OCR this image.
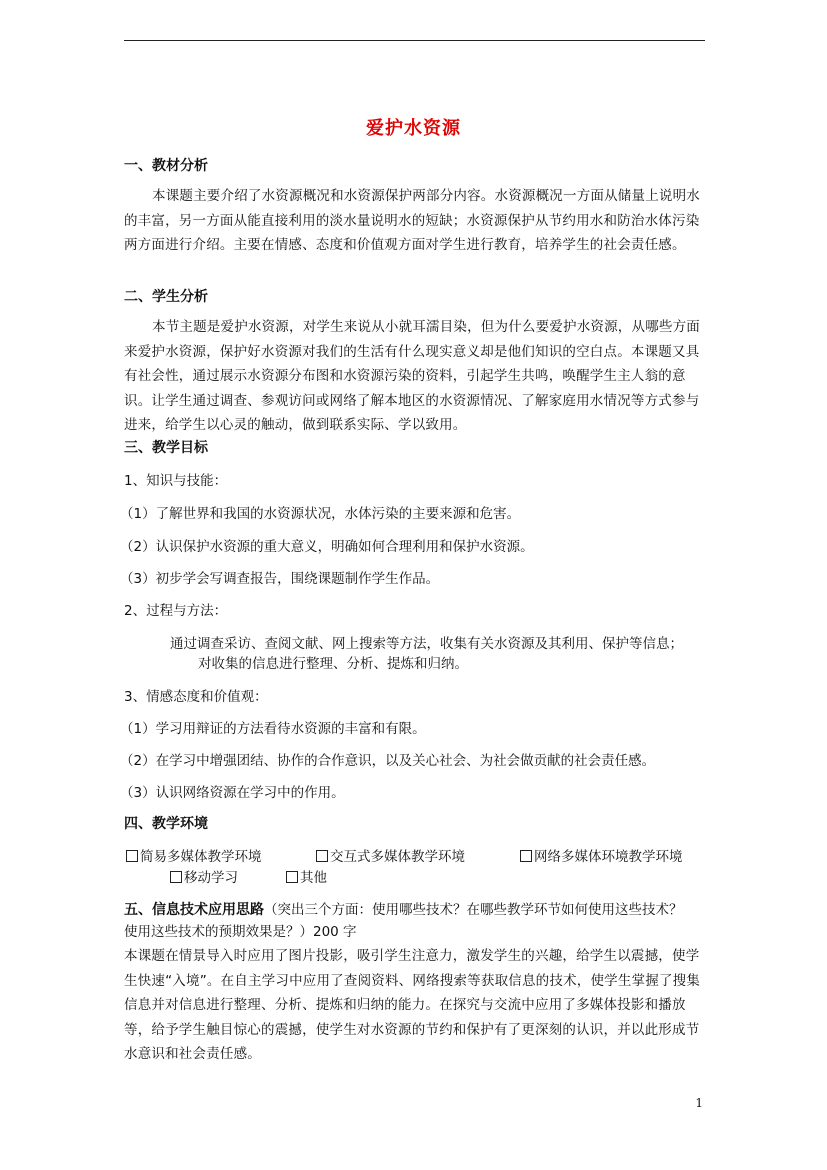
爱护水资源
一、教材分析
本课题主要介绍了水资源概况和水资源保护两部分内容。水资源概况一方面从储量上说明水的丰富，另一方面从能直接利用的淡水量说明水的短缺；水资源保护从节约用水和防治水体污染两方面进行介绍。主要在情感、态度和价值观方面对学生进行教育，培养学生的社会责任感。
二、学生分析
本节主题是爱护水资源，对学生来说从小就耳濡目染，但为什么要爱护水资源，从哪些方面来爱护水资源，保护好水资源对我们的生活有什么现实意义却是他们知识的空白点。本课题又具有社会性，通过展示水资源分布图和水资源污染的资料，引起学生共鸣，唤醒学生主人翁的意识。让学生通过调查、参观访问或网络了解本地区的水资源情况、了解家庭用水情况等方式参与进来，给学生以心灵的触动，做到联系实际、学以致用。
三、教学目标
1、知识与技能：
（1）了解世界和我国的水资源状况，水体污染的主要来源和危害。
（2）认识保护水资源的重大意义，明确如何合理利用和保护水资源。
（3）初步学会写调查报告，围绕课题制作学生作品。
2、过程与方法：
通过调查采访、查阅文献、网上搜索等方法，收集有关水资源及其利用、保护等信息；
对收集的信息进行整理、分析、提炼和归纳。
3、情感态度和价值观：
（1）学习用辩证的方法看待水资源的丰富和有限。
（2）在学习中增强团结、协作的合作意识，以及关心社会、为社会做贡献的社会责任感。
（3）认识网络资源在学习中的作用。
四、教学环境
简易多媒体教学环境	交互式多媒体教学环境	网络多媒体环境教学环境
移动学习	其他
五、信息技术应用思路（突出三个方面：使用哪些技术？在哪些教学环节如何使用这些技术？
使用这些技术的预期效果是？）200 字
本课题在情景导入时应用了图片投影，吸引学生注意力，激发学生的兴趣，给学生以震撼，使学生快速“入境”。在自主学习中应用了查阅资料、网络搜索等获取信息的技术，使学生掌握了搜集信息并对信息进行整理、分析、提炼和归纳的能力。在探究与交流中应用了多媒体投影和播放等，给予学生触目惊心的震撼，使学生对水资源的节约和保护有了更深刻的认识，并以此形成节水意识和社会责任感。
1
